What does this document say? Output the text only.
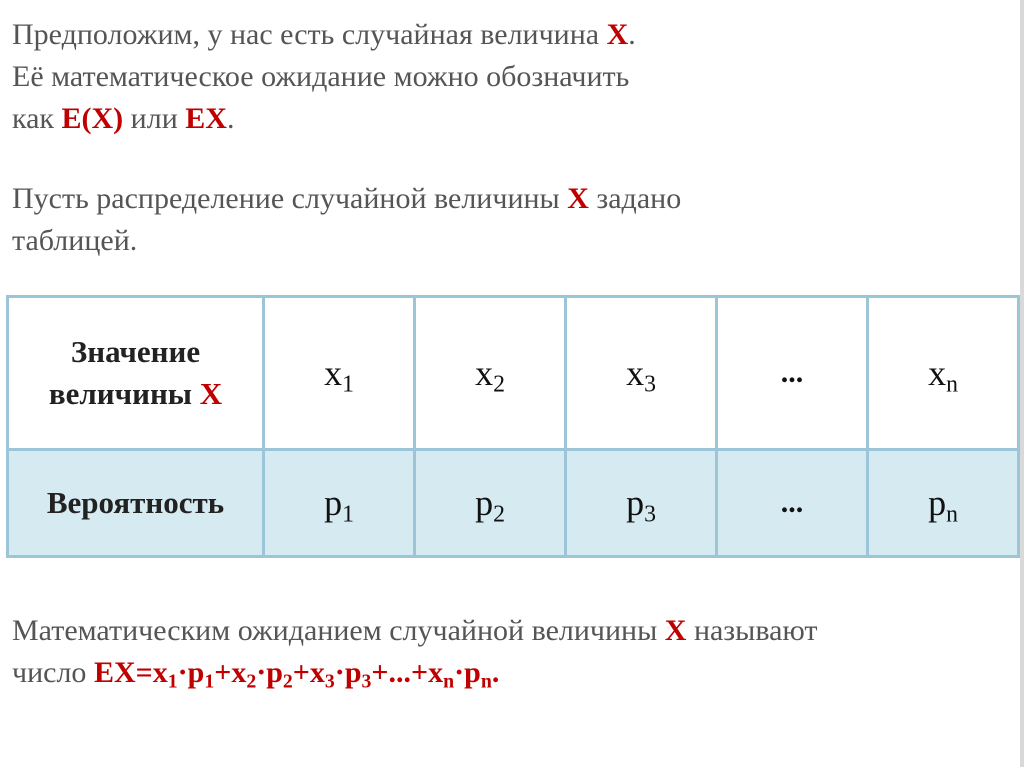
Предположим, у нас есть случайная величина X.
Её математическое ожидание можно обозначить
как E(X) или EX.

Пусть распределение случайной величины X задано
таблицей.

Значение
величины X	$x_1$	$x_2$	$x_3$	...	$x_n$
Вероятность	$p_1$	$p_2$	$p_3$	...	$p_n$

Математическим ожиданием случайной величины X называют
число $EX=x_1\cdot p_1+x_2\cdot p_2+x_3\cdot p_3+...+x_n\cdot p_n$.
